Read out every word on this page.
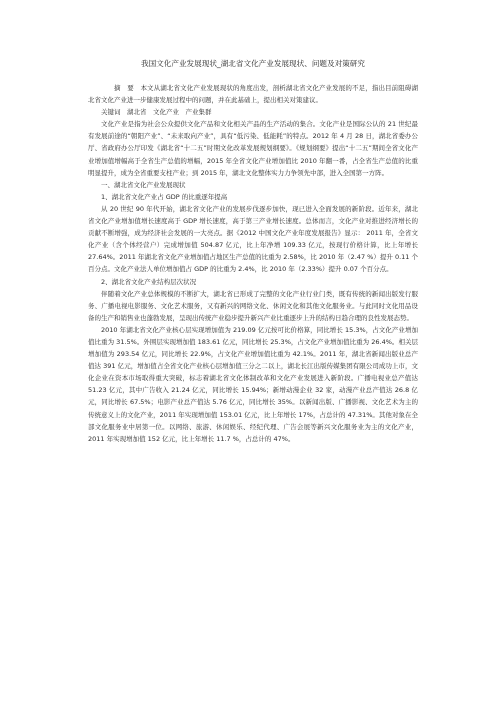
我国文化产业发展现状_湖北省文化产业发展现状、问题及对策研究

摘　要　本文从湖北省文化产业发展现状的角度出发，剖析湖北省文化产业发展的不足，指出目前阻碍湖北省文化产业进一步健康发展过程中的问题，并在此基础上，提出相关对策建议。

关键词　湖北省　文化产业　产业集群

文化产业是指为社会公众提供文化产品和文化相关产品的生产活动的集合。文化产业是国际公认的 21 世纪最有发展前途的“朝阳产业”、“未来取向产业”，具有“低污染、低能耗”的特点。2012 年 4 月 28 日，湖北省委办公厅、省政府办公厅印发《湖北省“十二五”时期文化改革发展规划纲要》。《规划纲要》提出“十二五”期间全省文化产业增加值增幅高于全省生产总值的增幅，2015 年全省文化产业增加值比 2010 年翻一番，占全省生产总值的比重明显提升，成为全省重要支柱产业；到 2015 年，湖北文化整体实力力争领先中部，进入全国第一方阵。

一、湖北省文化产业发展现状

1、湖北省文化产业占 GDP 的比重逐年提高

从 20 世纪 90 年代开始，湖北省文化产业的发展步伐逐步加快，现已进入全面发展的新阶段。近年来，湖北省文化产业增加值增长速度高于 GDP 增长速度，高于第三产业增长速度。总体而言，文化产业对推进经济增长的贡献不断增强，成为经济社会发展的一大亮点。据《2012 中国文化产业年度发展报告》显示： 2011 年，全省文化产业（含个体经营户）完成增加值 504.87 亿元，比上年净增 109.33 亿元，按现行价格计算，比上年增长 27.64%。2011 年湖北省文化产业增加值占地区生产总值的比重为 2.58%，比 2010 年（2.47 %）提升 0.11 个百分点。文化产业法人单位增加值占 GDP 的比重为 2.4%，比 2010 年（2.33%）提升 0.07 个百分点。

2、湖北省文化产业结构层次状况

伴随着文化产业总体规模的不断扩大，湖北省已形成了完整的文化产业行业门类，既有传统的新闻出版发行服务、广播电视电影服务、文化艺术服务，又有新兴的网络文化、休闲文化和其他文化服务业。与此同时文化用品设备的生产和销售业也蓬勃发展，呈现出传统产业稳步提升新兴产业比重逐步上升的结构日趋合理的良性发展态势。

2010 年湖北省文化产业核心层实现增加值为 219.09 亿元按可比价格算，同比增长 15.3%，占文化产业增加值比重为 31.5%。外围层实现增加值 183.61 亿元，同比增长 25.3%，占文化产业增加值比重为 26.4%。相关层增加值为 293.54 亿元，同比增长 22.9%，占文化产业增加值比重为 42.1%。2011 年，湖北省新闻出版业总产值达 391 亿元，增加值占全省文化产业核心层增加值三分之二以上，湖北长江出版传媒集团有限公司成功上市，文化企业在资本市场取得重大突破，标志着湖北省文化体制改革和文化产业发展进入新阶段。广播电视业总产值达 51.23 亿元，其中广告收入 21.24 亿元，同比增长 15.94%；新增动漫企业 32 家，动漫产业总产值达 26.8 亿元，同比增长 67.5%；电影产业总产值达 5.76 亿元，同比增长 35%。以新闻出版、广播影视、文化艺术为主的传统意义上的文化产业，2011 年实现增加值 153.01 亿元，比上年增长 17%，占总计的 47.31%。其他对象在全部文化服务业中居第一位。以网络、旅游、休闲娱乐、经纪代理、广告会展等新兴文化服务业为主的文化产业，2011 年实现增加值 152 亿元，比上年增长 11.7 %，占总计的 47%。
